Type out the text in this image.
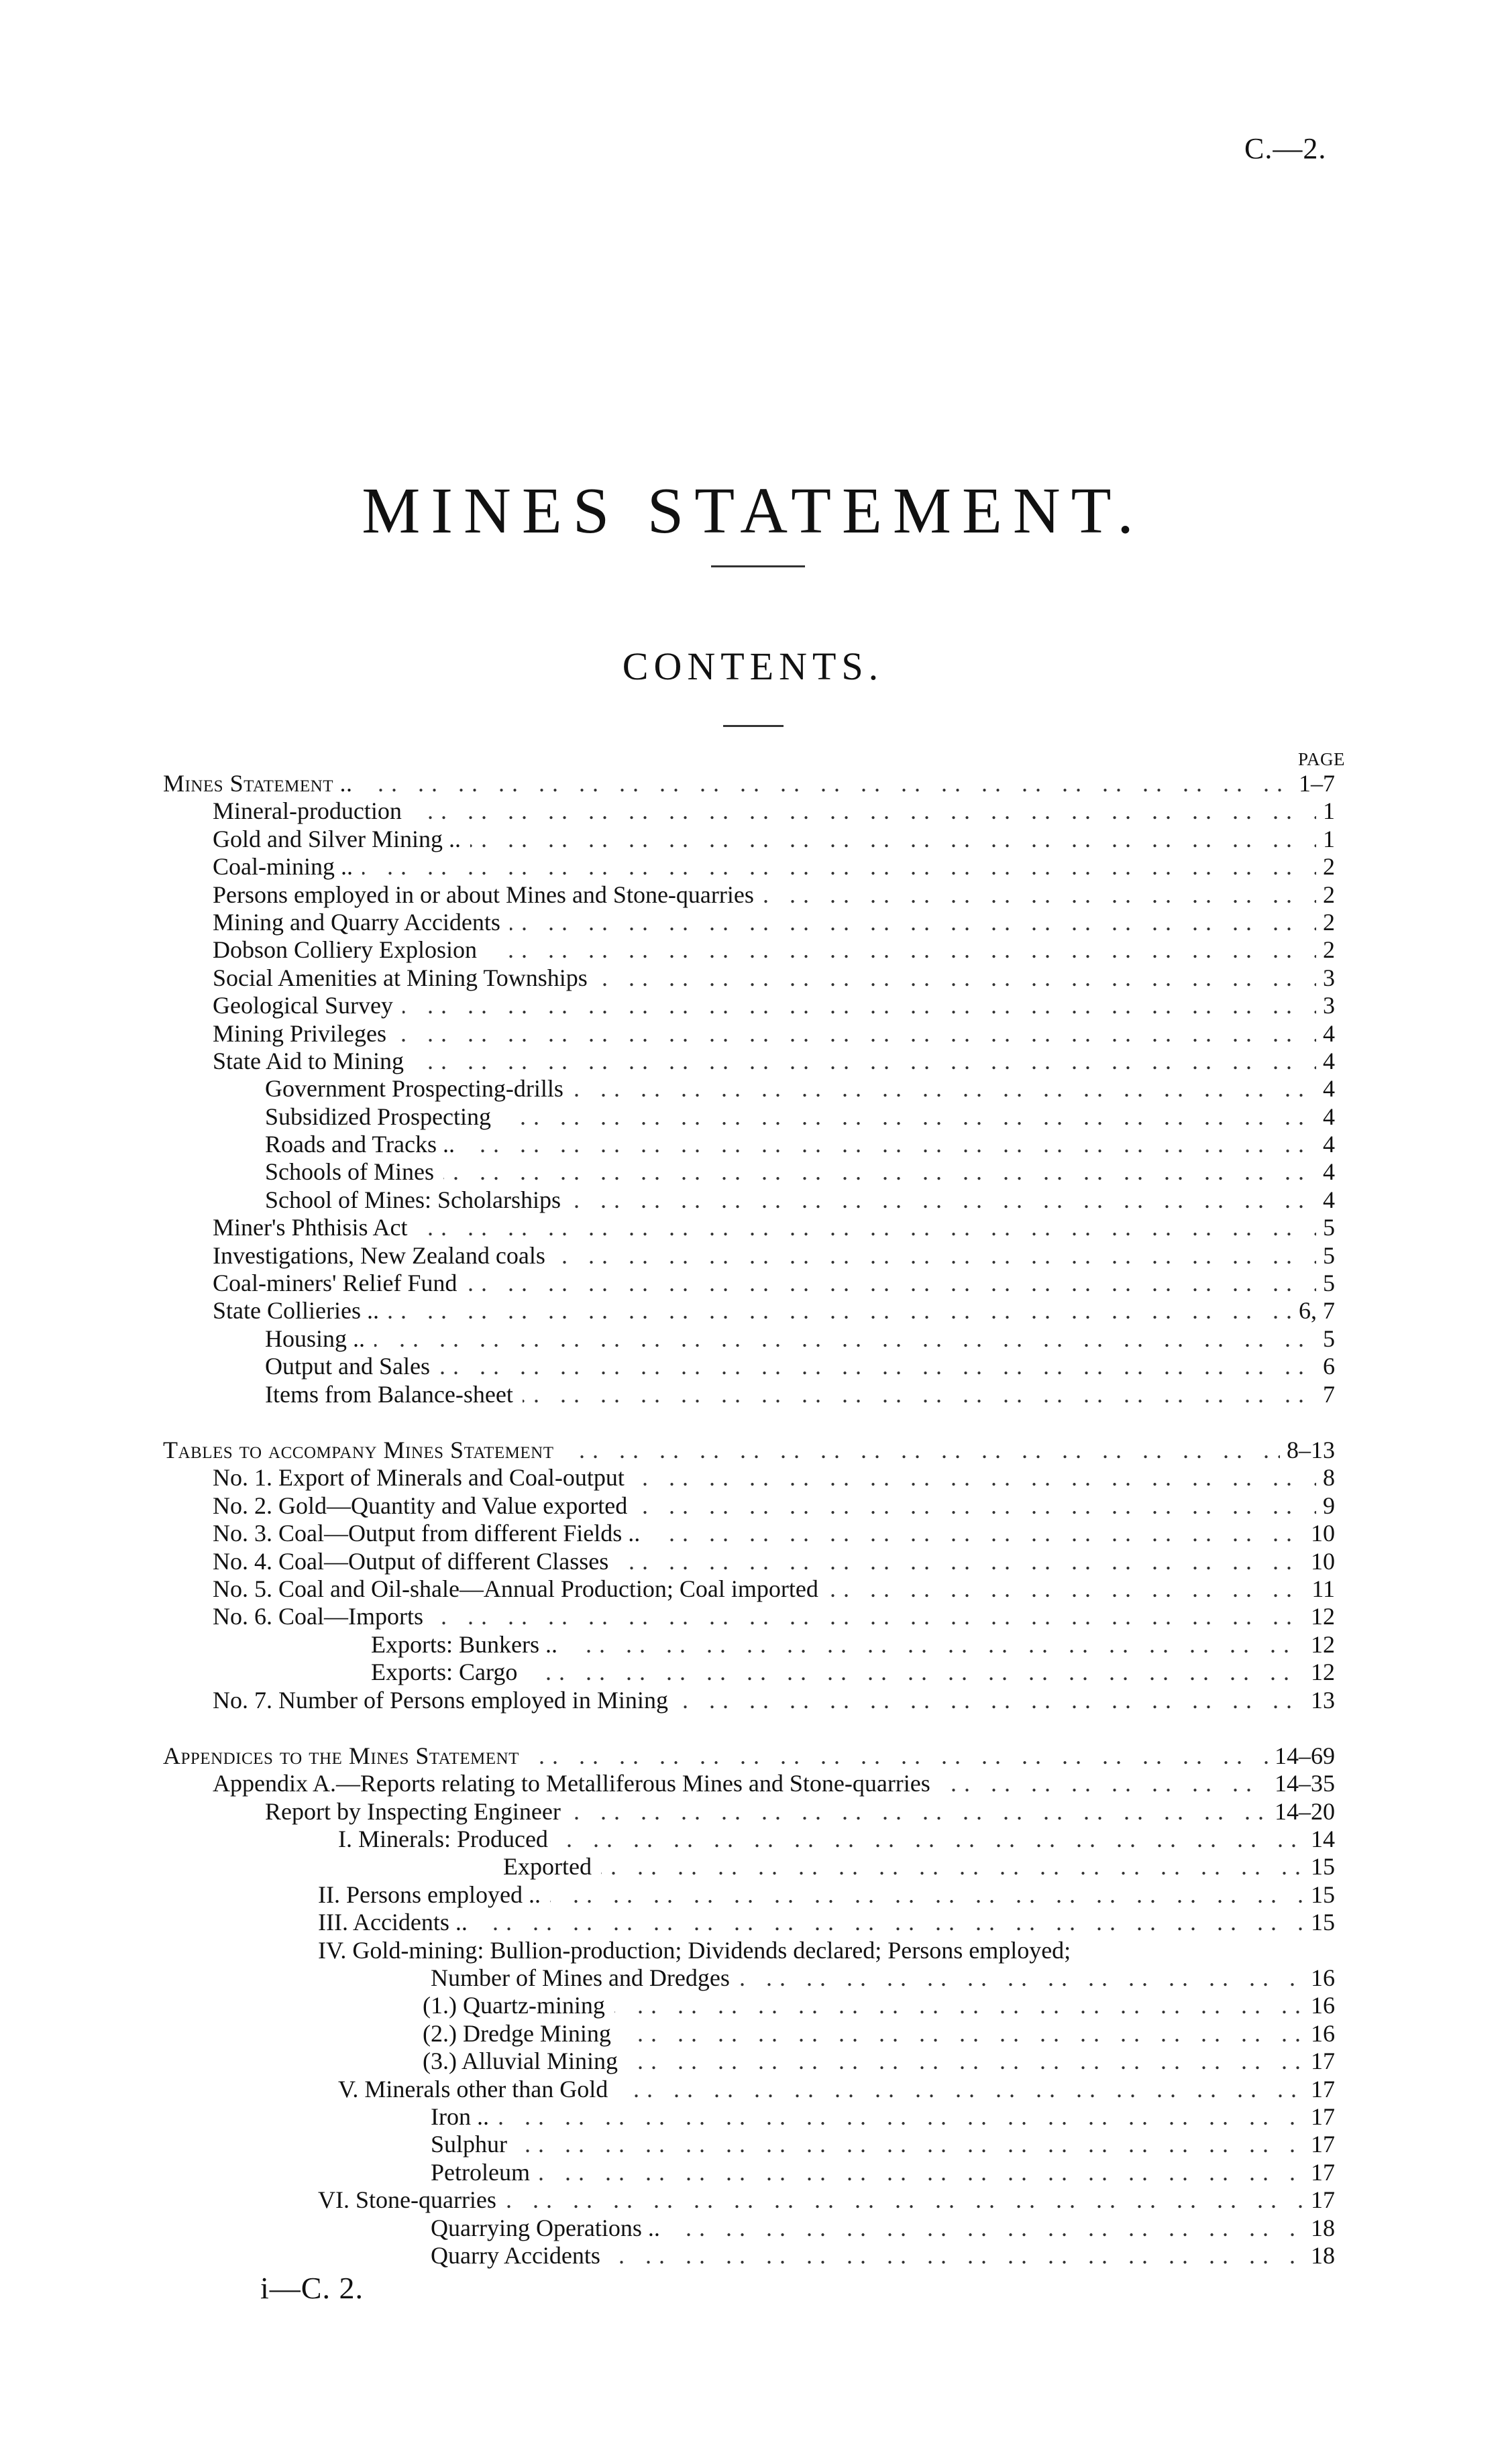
C.—2.
MINES STATEMENT.
CONTENTS.
PAGE
. .
Mines Statement ..	1–7
. .
Mineral-production	1
. .
Gold and Silver Mining ..	1
. .
Coal-mining ..	2
. .
Persons employed in or about Mines and Stone-quarries	2
. .
Mining and Quarry Accidents	2
. .
Dobson Colliery Explosion	2
. .
Social Amenities at Mining Townships	3
. .
Geological Survey	3
. .
Mining Privileges	4
. .
State Aid to Mining	4
. .
Government Prospecting-drills	4
. .
Subsidized Prospecting	4
. .
Roads and Tracks ..	4
. .
Schools of Mines	4
. .
School of Mines: Scholarships	4
. .
Miner's Phthisis Act	5
. .
Investigations, New Zealand coals	5
. .
Coal-miners' Relief Fund	5
. .
State Collieries ..	6, 7
. .
Housing ..	5
. .
Output and Sales	6
. .
Items from Balance-sheet	7
. .
Tables to accompany Mines Statement	8–13
. .
No. 1. Export of Minerals and Coal-output	8
. .
No. 2. Gold—Quantity and Value exported	9
. .
No. 3. Coal—Output from different Fields ..	10
. .
No. 4. Coal—Output of different Classes	10
. .
No. 5. Coal and Oil-shale—Annual Production; Coal imported	11
. .
No. 6. Coal—Imports	12
. .
Exports: Bunkers ..	12
. .
Exports: Cargo	12
. .
No. 7. Number of Persons employed in Mining	13
. .
Appendices to the Mines Statement	14–69
. .
Appendix A.—Reports relating to Metalliferous Mines and Stone-quarries	14–35
. .
Report by Inspecting Engineer	14–20
. .
I. Minerals: Produced	14
. .
Exported	15
. .
II. Persons employed ..	15
. .
III. Accidents ..	15
IV. Gold-mining: Bullion-production; Dividends declared; Persons employed;
. .
Number of Mines and Dredges	16
. .
(1.) Quartz-mining	16
. .
(2.) Dredge Mining	16
. .
(3.) Alluvial Mining	17
. .
V. Minerals other than Gold	17
. .
Iron ..	17
. .
Sulphur	17
. .
Petroleum	17
. .
VI. Stone-quarries	17
. .
Quarrying Operations ..	18
. .
Quarry Accidents	18
i—C. 2.
